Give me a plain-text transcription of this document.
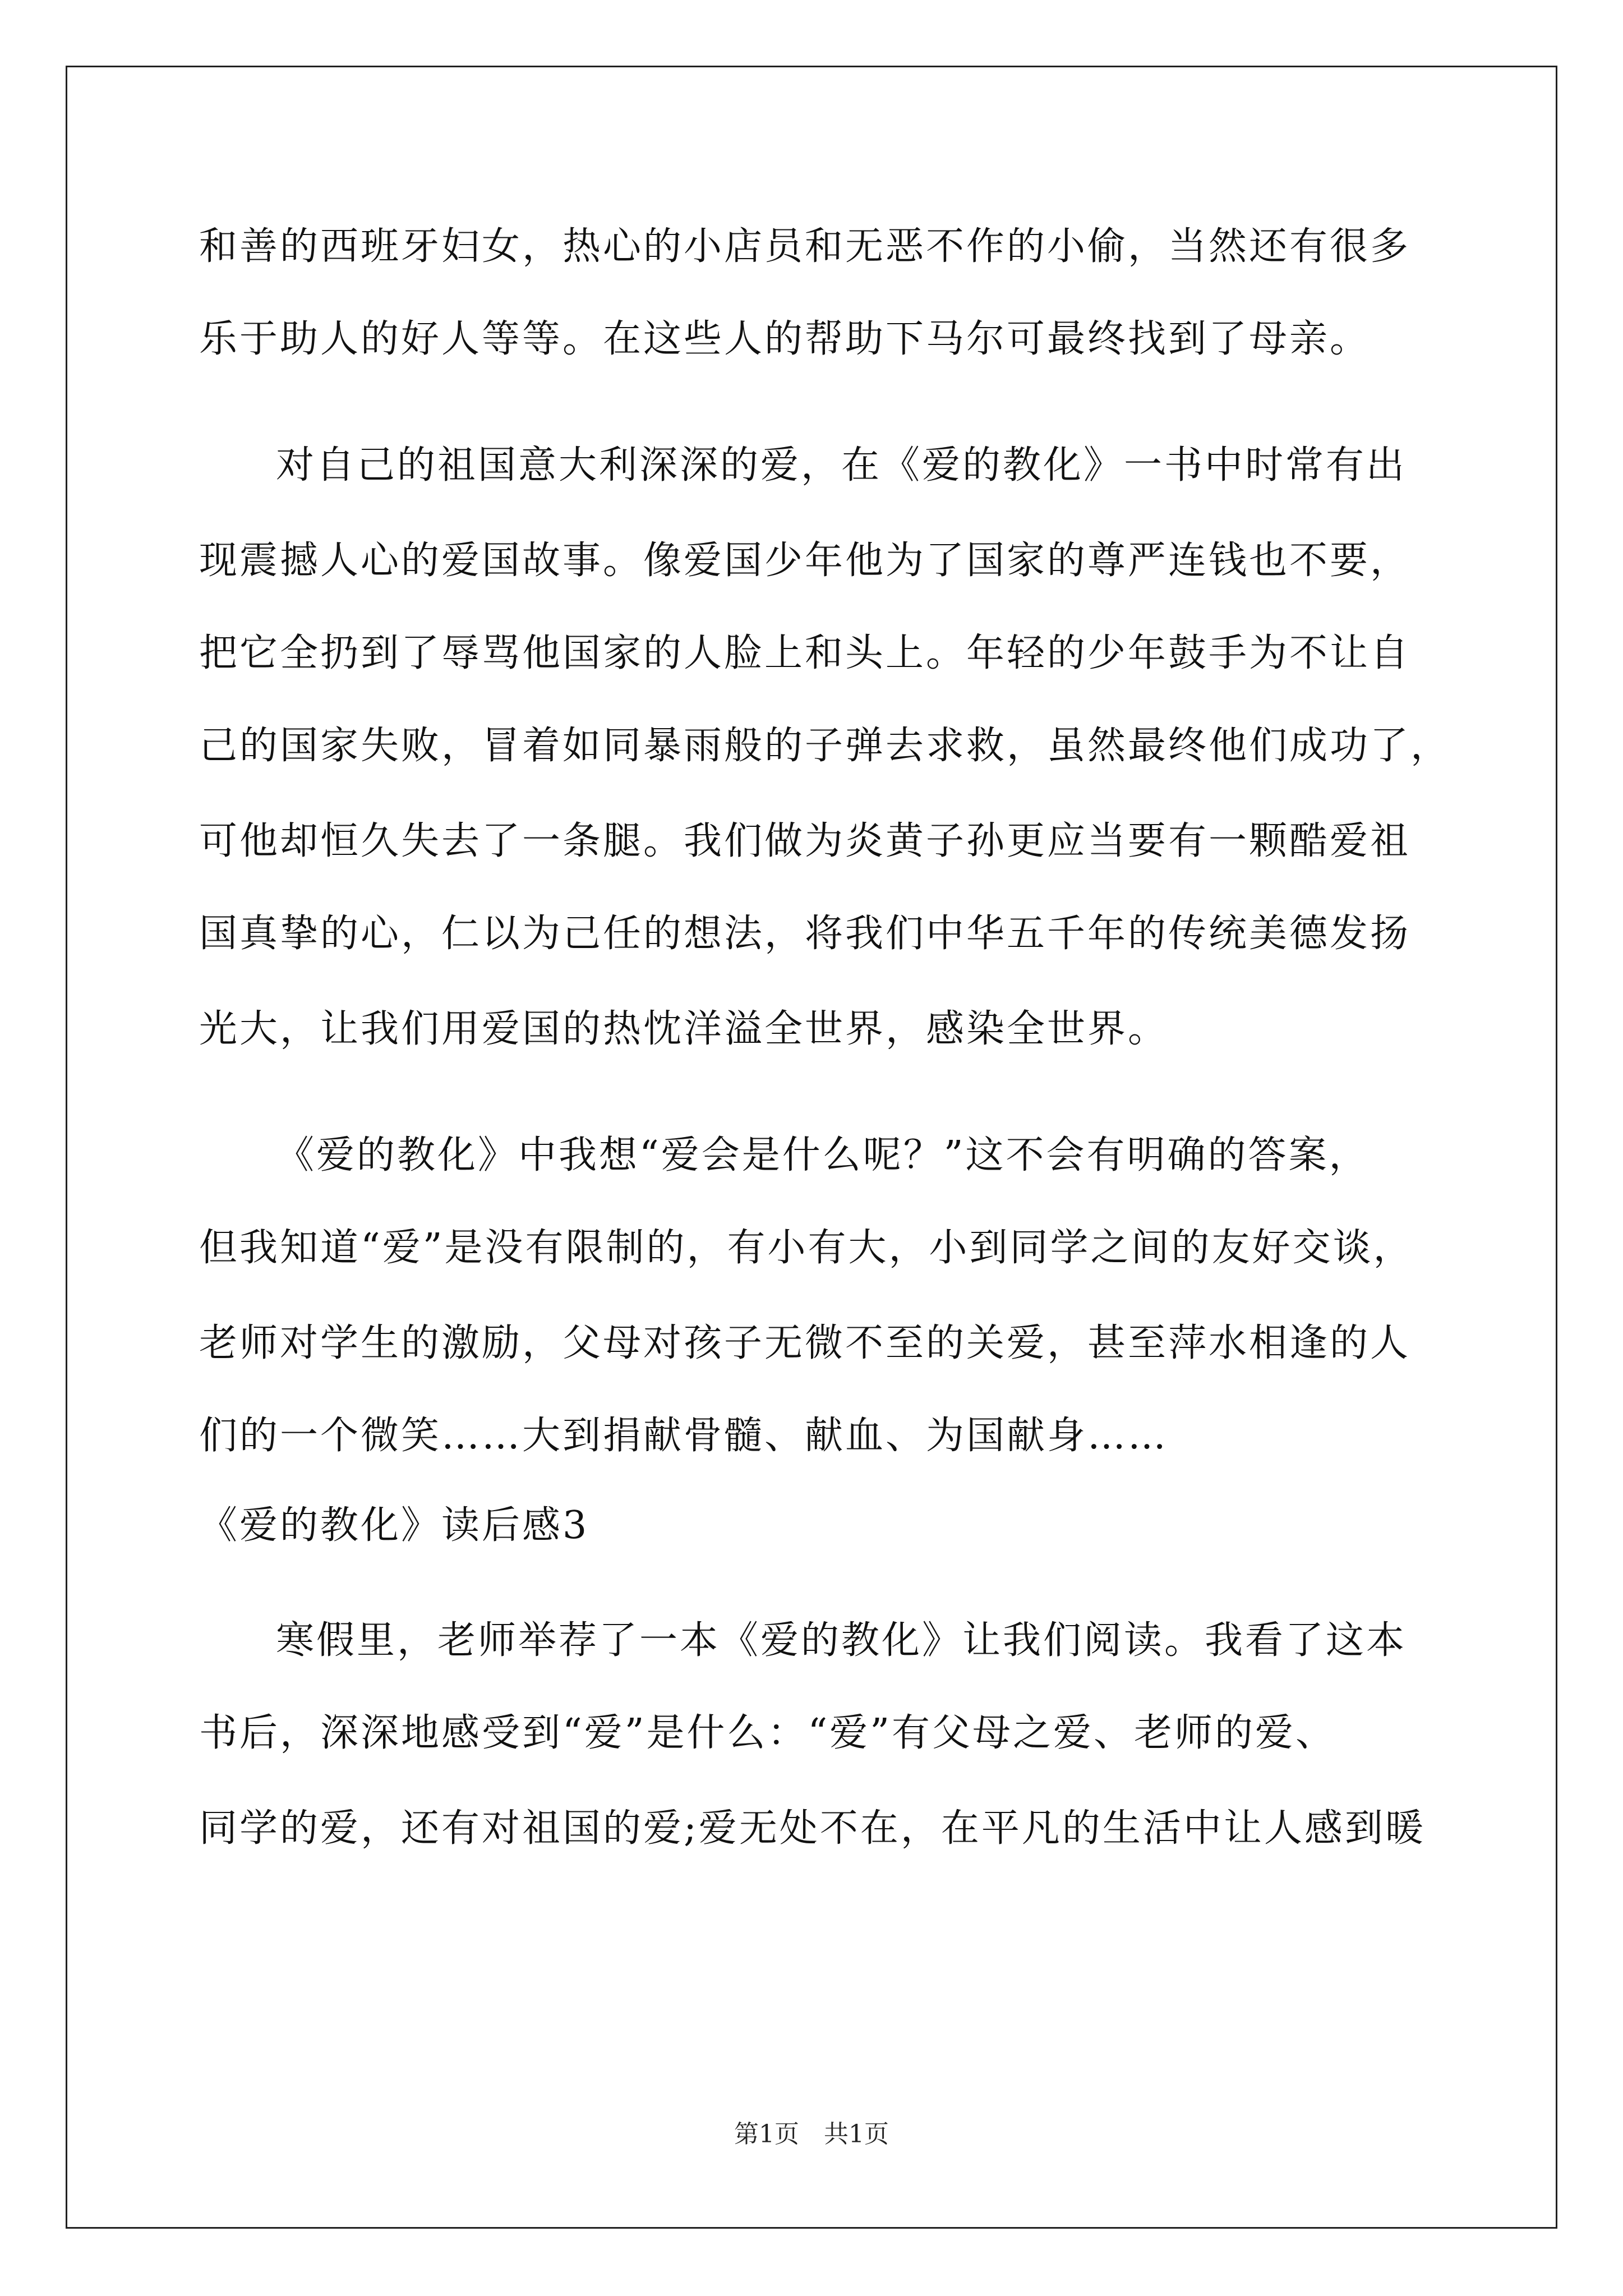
和善的西班牙妇女，热心的小店员和无恶不作的小偷，当然还有很多
乐于助人的好人等等。在这些人的帮助下马尔可最终找到了母亲。
对自己的祖国意大利深深的爱，在《爱的教化》一书中时常有出
现震撼人心的爱国故事。像爱国少年他为了国家的尊严连钱也不要，
把它全扔到了辱骂他国家的人脸上和头上。年轻的少年鼓手为不让自
己的国家失败，冒着如同暴雨般的子弹去求救，虽然最终他们成功了，
可他却恒久失去了一条腿。我们做为炎黄子孙更应当要有一颗酷爱祖
国真挚的心，仁以为己任的想法，将我们中华五千年的传统美德发扬
光大，让我们用爱国的热忱洋溢全世界，感染全世界。
《爱的教化》中我想“爱会是什么呢？”这不会有明确的答案，
但我知道“爱”是没有限制的，有小有大，小到同学之间的友好交谈，
老师对学生的激励，父母对孩子无微不至的关爱，甚至萍水相逢的人
们的一个微笑……大到捐献骨髓、献血、为国献身……
《爱的教化》读后感3
寒假里，老师举荐了一本《爱的教化》让我们阅读。我看了这本
书后，深深地感受到“爱”是什么：“爱”有父母之爱、老师的爱、
同学的爱，还有对祖国的爱;爱无处不在，在平凡的生活中让人感到暖
第1页　共1页
